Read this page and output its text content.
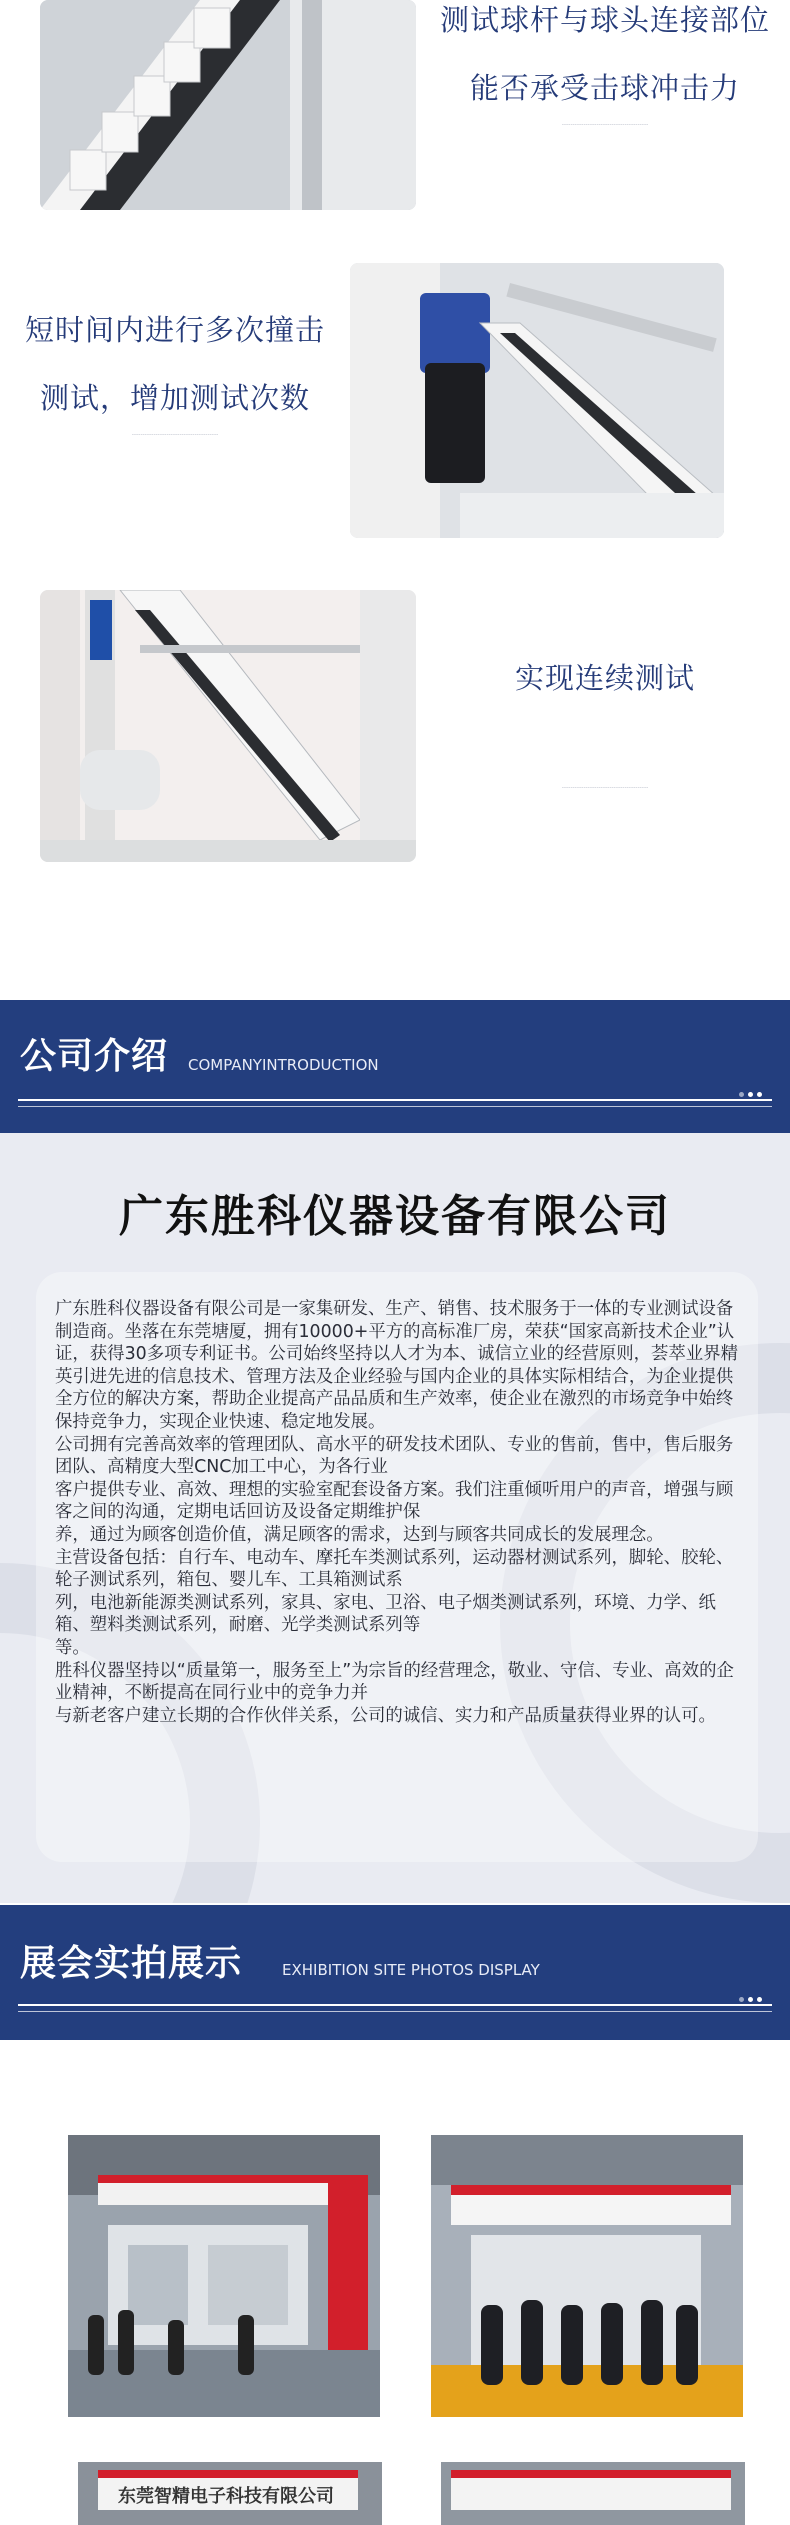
测试球杆与球头连接部位
能否承受击球冲击力
‑‑‑‑‑‑‑‑‑‑‑‑‑‑‑‑‑‑‑‑‑‑‑‑‑‑‑‑‑‑‑‑‑‑‑‑‑‑‑‑
短时间内进行多次撞击
测试，增加测试次数
‑‑‑‑‑‑‑‑‑‑‑‑‑‑‑‑‑‑‑‑‑‑‑‑‑‑‑‑‑‑‑‑‑‑‑‑‑‑‑‑
实现连续测试
‑‑‑‑‑‑‑‑‑‑‑‑‑‑‑‑‑‑‑‑‑‑‑‑‑‑‑‑‑‑‑‑‑‑‑‑‑‑‑‑
公司介绍 COMPANYINTRODUCTION
广东胜科仪器设备有限公司

广东胜科仪器设备有限公司是一家集研发、生产、销售、技术服务于一体的专业测试设备制造商。坐落在东莞塘厦，拥有10000+平方的高标准厂房，荣获“国家高新技术企业”认证，获得30多项专利证书。公司始终坚持以人才为本、诚信立业的经营原则，荟萃业界精英引进先进的信息技术、管理方法及企业经验与国内企业的具体实际相结合，为企业提供全方位的解决方案，帮助企业提高产品品质和生产效率，使企业在激烈的市场竞争中始终保持竞争力，实现企业快速、稳定地发展。

公司拥有完善高效率的管理团队、高水平的研发技术团队、专业的售前，售中，售后服务团队、高精度大型CNC加工中心，为各行业

客户提供专业、高效、理想的实验室配套设备方案。我们注重倾听用户的声音，增强与顾客之间的沟通，定期电话回访及设备定期维护保

养，通过为顾客创造价值，满足顾客的需求，达到与顾客共同成长的发展理念。

主营设备包括：自行车、电动车、摩托车类测试系列，运动器材测试系列，脚轮、胶轮、轮子测试系列，箱包、婴儿车、工具箱测试系

列，电池新能源类测试系列，家具、家电、卫浴、电子烟类测试系列，环境、力学、纸箱、塑料类测试系列，耐磨、光学类测试系列等

等。

胜科仪器坚持以“质量第一，服务至上”为宗旨的经营理念，敬业、守信、专业、高效的企业精神，不断提高在同行业中的竞争力并

与新老客户建立长期的合作伙伴关系，公司的诚信、实力和产品质量获得业界的认可。

展会实拍展示	EXHIBITION SITE PHOTOS DISPLAY
东莞智精电子科技有限公司
